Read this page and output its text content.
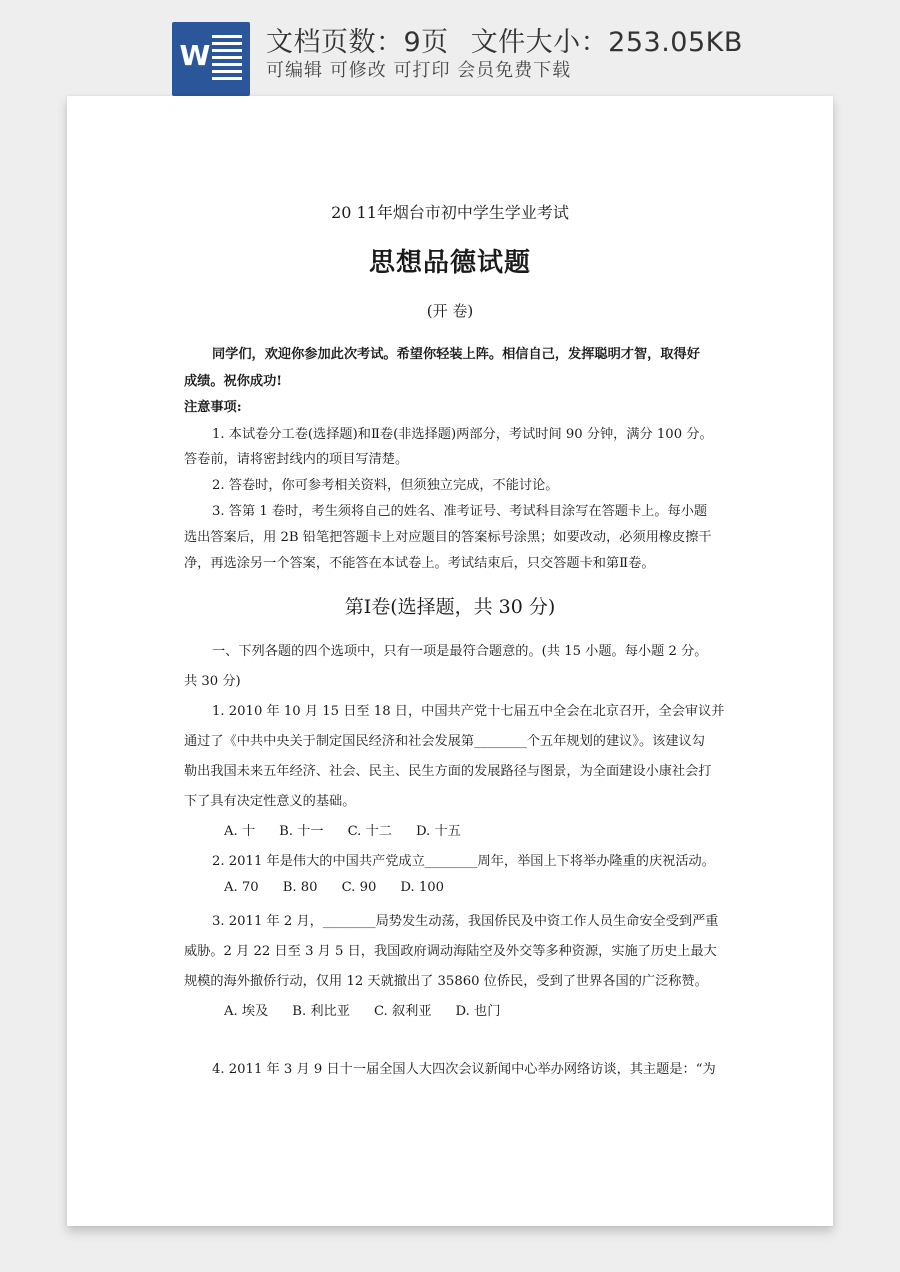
W 文档页数：9页 文件大小：253.05KB
可编辑 可修改 可打印 会员免费下载
20 11年烟台市初中学生学业考试
思想品德试题
(开 卷)
同学们，欢迎你参加此次考试。希望你轻装上阵。相信自己，发挥聪明才智，取得好
成绩。祝你成功!
注意事项:
1. 本试卷分工卷(选择题)和Ⅱ卷(非选择题)两部分，考试时间 90 分钟，满分 100 分。
答卷前，请将密封线内的项目写清楚。
2. 答卷时，你可参考相关资料，但须独立完成，不能讨论。
3. 答第 1 卷时，考生须将自己的姓名、准考证号、考试科目涂写在答题卡上。每小题
选出答案后，用 2B 铅笔把答题卡上对应题目的答案标号涂黑；如要改动，必须用橡皮擦干
净，再选涂另一个答案，不能答在本试卷上。考试结束后，只交答题卡和第Ⅱ卷。
第Ⅰ卷(选择题，共 30 分)
一、下列各题的四个选项中，只有一项是最符合题意的。(共 15 小题。每小题 2 分。
共 30 分)
1. 2010 年 10 月 15 日至 18 日，中国共产党十七届五中全会在北京召开，全会审议并
通过了《中共中央关于制定国民经济和社会发展第________个五年规划的建议》。该建议勾
勒出我国未来五年经济、社会、民主、民生方面的发展路径与图景，为全面建设小康社会打
下了具有决定性意义的基础。
A. 十 B. 十一 C. 十二 D. 十五
2. 2011 年是伟大的中国共产党成立________周年，举国上下将举办隆重的庆祝活动。
A. 70 B. 80 C. 90 D. 100
3. 2011 年 2 月，________局势发生动荡，我国侨民及中资工作人员生命安全受到严重
威胁。2 月 22 日至 3 月 5 日，我国政府调动海陆空及外交等多种资源，实施了历史上最大
规模的海外撤侨行动，仅用 12 天就撤出了 35860 位侨民，受到了世界各国的广泛称赞。
A. 埃及 B. 利比亚 C. 叙利亚 D. 也门
4. 2011 年 3 月 9 日十一届全国人大四次会议新闻中心举办网络访谈，其主题是：“为
